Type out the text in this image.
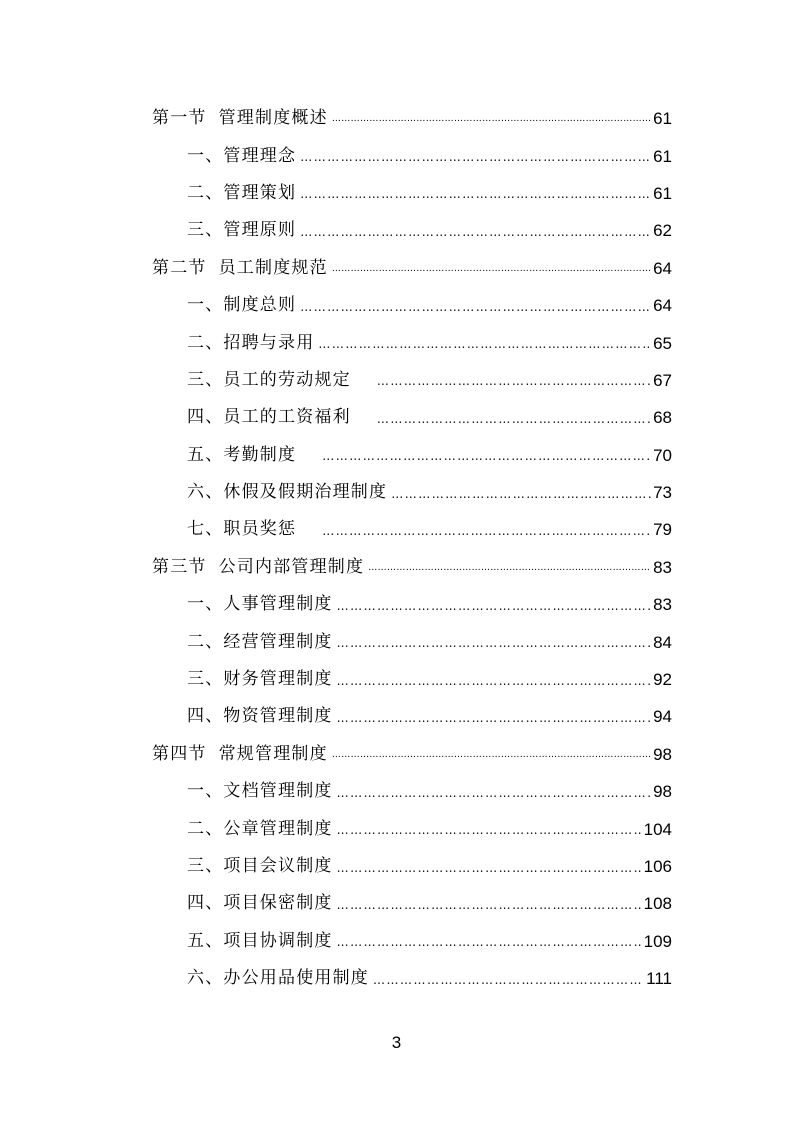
第一节 管理制度概述 ……………………………………………………………………………………………………………………………………………………………………	61
一、管理理念 ……………………………………………………………………………………………………………………………………………………………………	61
二、管理策划 ……………………………………………………………………………………………………………………………………………………………………	61
三、管理原则 ……………………………………………………………………………………………………………………………………………………………………	62
第二节 员工制度规范 ……………………………………………………………………………………………………………………………………………………………………	64
一、制度总则 ……………………………………………………………………………………………………………………………………………………………………	64
二、招聘与录用 ……………………………………………………………………………………………………………………………………………………………………	65
三、员工的劳动规定 ……………………………………………………………………………………………………………………………………………………………………	67
四、员工的工资福利 ……………………………………………………………………………………………………………………………………………………………………	68
五、考勤制度 ……………………………………………………………………………………………………………………………………………………………………	70
六、休假及假期治理制度 ……………………………………………………………………………………………………………………………………………………………………	73
七、职员奖惩 ……………………………………………………………………………………………………………………………………………………………………	79
第三节 公司内部管理制度 ……………………………………………………………………………………………………………………………………………………………………	83
一、人事管理制度 ……………………………………………………………………………………………………………………………………………………………………	83
二、经营管理制度 ……………………………………………………………………………………………………………………………………………………………………	84
三、财务管理制度 ……………………………………………………………………………………………………………………………………………………………………	92
四、物资管理制度 ……………………………………………………………………………………………………………………………………………………………………	94
第四节 常规管理制度 ……………………………………………………………………………………………………………………………………………………………………	98
一、文档管理制度 ……………………………………………………………………………………………………………………………………………………………………	98
二、公章管理制度 ……………………………………………………………………………………………………………………………………………………………………	104
三、项目会议制度 ……………………………………………………………………………………………………………………………………………………………………	106
四、项目保密制度 ……………………………………………………………………………………………………………………………………………………………………	108
五、项目协调制度 ……………………………………………………………………………………………………………………………………………………………………	109
六、办公用品使用制度 ……………………………………………………………………………………………………………………………………………………………………	111
3
